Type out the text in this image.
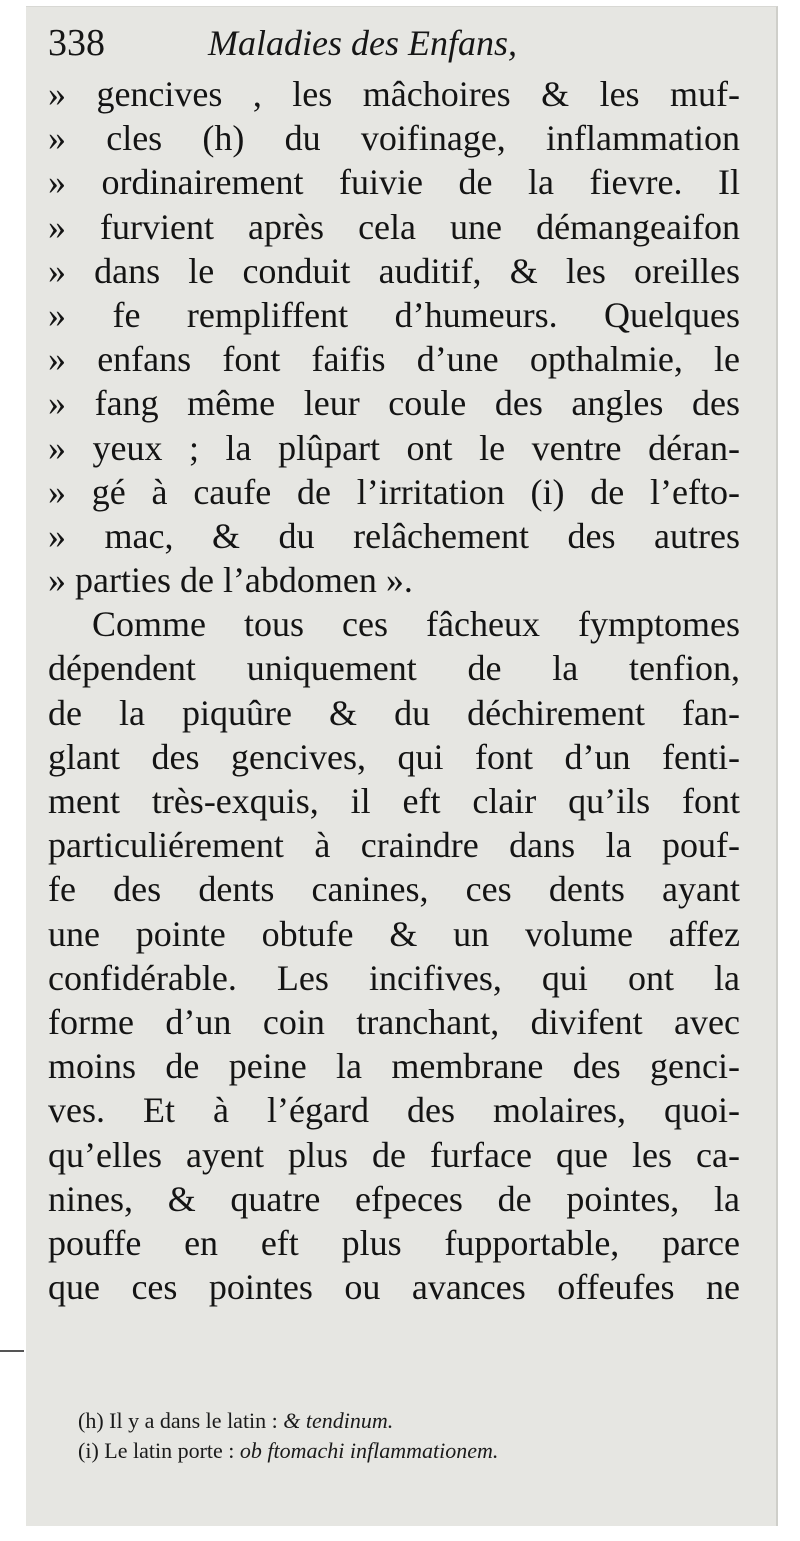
338	Maladies des Enfans,
» gencives , les mâchoires & les muf-
» cles (h) du voifinage, inflammation
» ordinairement fuivie de la fievre. Il
» furvient après cela une démangeaifon
» dans le conduit auditif, & les oreilles
» fe rempliffent d’humeurs. Quelques
» enfans font faifis d’une opthalmie, le
» fang même leur coule des angles des
» yeux ; la plûpart ont le ventre déran-
» gé à caufe de l’irritation (i) de l’efto-
» mac, & du relâchement des autres
» parties de l’abdomen ».
Comme tous ces fâcheux fymptomes
dépendent uniquement de la tenfion,
de la piquûre & du déchirement fan-
glant des gencives, qui font d’un fenti-
ment très-exquis, il eft clair qu’ils font
particuliérement à craindre dans la pouf-
fe des dents canines, ces dents ayant
une pointe obtufe & un volume affez
confidérable. Les incifives, qui ont la
forme d’un coin tranchant, divifent avec
moins de peine la membrane des genci-
ves. Et à l’égard des molaires, quoi-
qu’elles ayent plus de furface que les ca-
nines, & quatre efpeces de pointes, la
pouffe en eft plus fupportable, parce
que ces pointes ou avances offeufes ne
(h) Il y a dans le latin : & tendinum.
(i) Le latin porte : ob ftomachi inflammationem.
